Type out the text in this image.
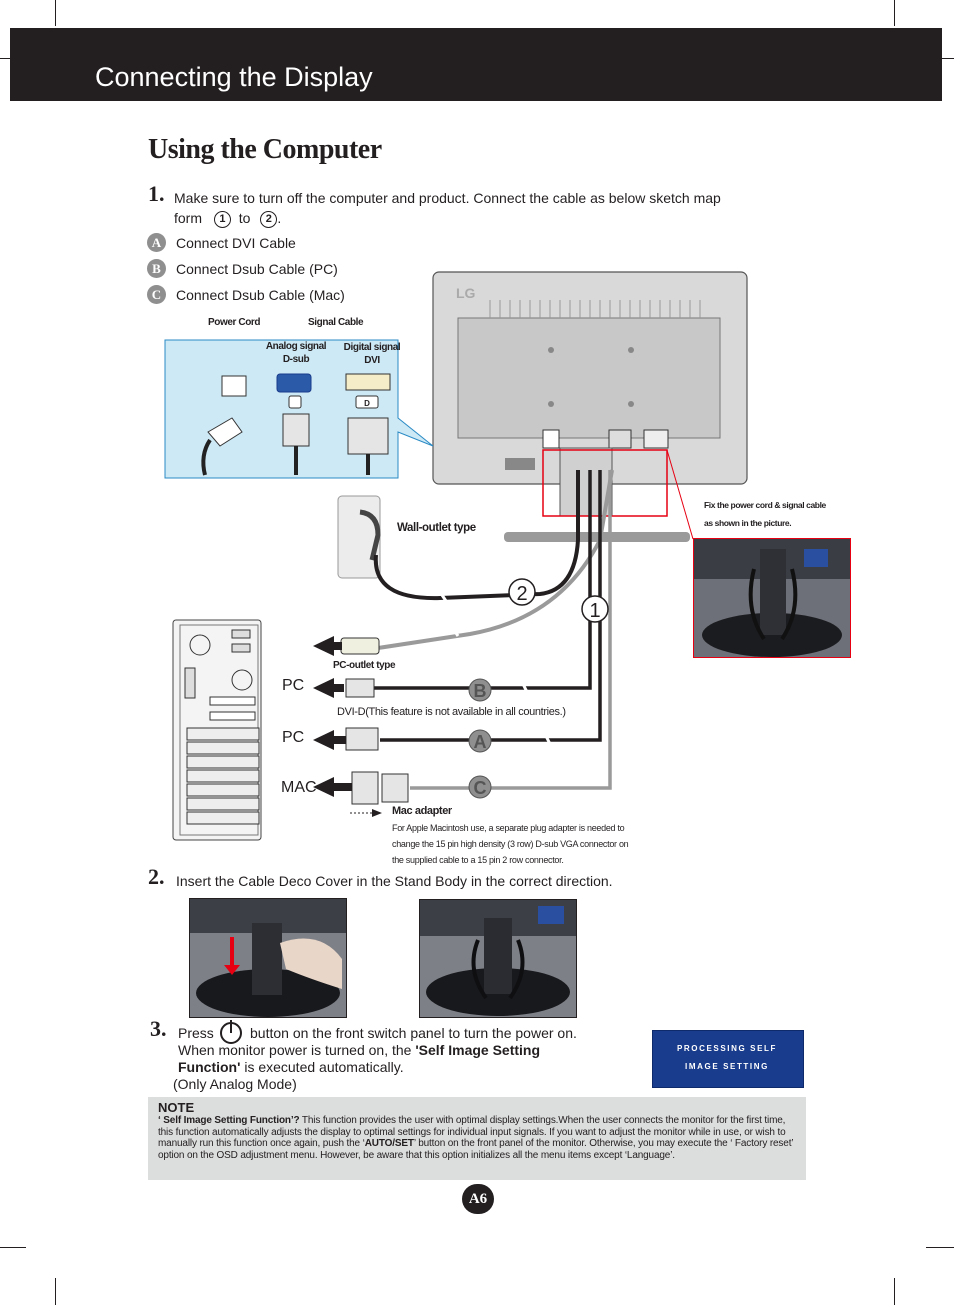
Connecting the Display
Using the Computer
1. Make sure to turn off the computer and product. Connect the cable as below sketch map
form 1 to 2 .
A	Connect DVI Cable
B	Connect Dsub Cable (PC)
C	Connect Dsub Cable (Mac)	LG
D
2
1
B
A
C
Power Cord	Signal Cable
Analog signal
D-sub
Digital signal
DVI
Wall-outlet type
PC-outlet type
Fix the power cord & signal cable
as shown in the picture.
PC
PC
MAC
DVI-D(This feature is not available in all countries.)
Mac adapter
For Apple Macintosh use, a separate plug adapter is needed to
change the 15 pin high density (3 row) D-sub VGA connector on
the supplied cable to a 15 pin 2 row connector.
2. Insert the Cable Deco Cover in the Stand Body in the correct direction.
3. Press	button on the front switch panel to turn the power on.
When monitor power is turned on, the 'Self Image Setting
Function' is executed automatically.
(Only Analog Mode)
PROCESSING SELF
IMAGE SETTING
NOTE
‘ Self Image Setting Function’? This function provides the user with optimal display settings.When the user connects the monitor for the first time, this function automatically adjusts the display to optimal settings for individual input signals. If you want to adjust the monitor while in use, or wish to manually run this function once again, push the ‘AUTO/SET’ button on the front panel of the monitor. Otherwise, you may execute the ‘ Factory reset’ option on the OSD adjustment menu. However, be aware that this option initializes all the menu items except ‘Language’.
A6
